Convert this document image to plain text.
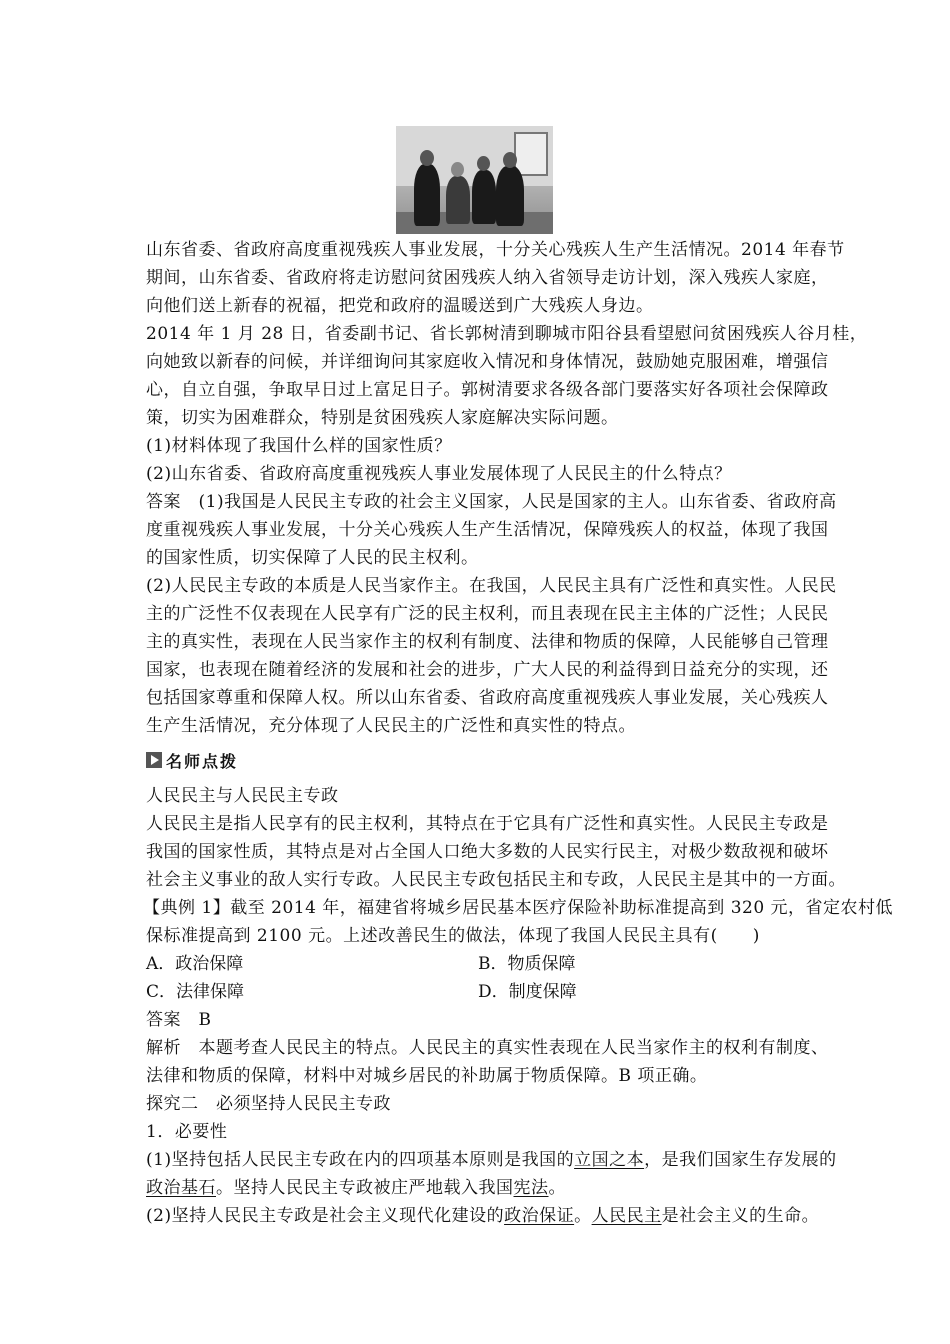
山东省委、省政府高度重视残疾人事业发展，十分关心残疾人生产生活情况。2014 年春节
期间，山东省委、省政府将走访慰问贫困残疾人纳入省领导走访计划，深入残疾人家庭，
向他们送上新春的祝福，把党和政府的温暖送到广大残疾人身边。
2014 年 1 月 28 日，省委副书记、省长郭树清到聊城市阳谷县看望慰问贫困残疾人谷月桂，
向她致以新春的问候，并详细询问其家庭收入情况和身体情况，鼓励她克服困难，增强信
心，自立自强，争取早日过上富足日子。郭树清要求各级各部门要落实好各项社会保障政
策，切实为困难群众，特别是贫困残疾人家庭解决实际问题。
(1)材料体现了我国什么样的国家性质？
(2)山东省委、省政府高度重视残疾人事业发展体现了人民民主的什么特点？
答案　(1)我国是人民民主专政的社会主义国家，人民是国家的主人。山东省委、省政府高
度重视残疾人事业发展，十分关心残疾人生产生活情况，保障残疾人的权益，体现了我国
的国家性质，切实保障了人民的民主权利。
(2)人民民主专政的本质是人民当家作主。在我国，人民民主具有广泛性和真实性。人民民
主的广泛性不仅表现在人民享有广泛的民主权利，而且表现在民主主体的广泛性；人民民
主的真实性，表现在人民当家作主的权利有制度、法律和物质的保障，人民能够自己管理
国家，也表现在随着经济的发展和社会的进步，广大人民的利益得到日益充分的实现，还
包括国家尊重和保障人权。所以山东省委、省政府高度重视残疾人事业发展，关心残疾人
生产生活情况，充分体现了人民民主的广泛性和真实性的特点。
名师点拨
人民民主与人民民主专政
人民民主是指人民享有的民主权利，其特点在于它具有广泛性和真实性。人民民主专政是
我国的国家性质，其特点是对占全国人口绝大多数的人民实行民主，对极少数敌视和破坏
社会主义事业的敌人实行专政。人民民主专政包括民主和专政，人民民主是其中的一方面。
【典例 1】截至 2014 年，福建省将城乡居民基本医疗保险补助标准提高到 320 元，省定农村低
保标准提高到 2100 元。上述改善民生的做法，体现了我国人民民主具有(　　)
A．政治保障	B．物质保障
C．法律保障	D．制度保障
答案　B
解析　本题考查人民民主的特点。人民民主的真实性表现在人民当家作主的权利有制度、
法律和物质的保障，材料中对城乡居民的补助属于物质保障。B 项正确。
探究二　必须坚持人民民主专政
1．必要性
(1)坚持包括人民民主专政在内的四项基本原则是我国的立国之本，是我们国家生存发展的
政治基石。坚持人民民主专政被庄严地载入我国宪法。
(2)坚持人民民主专政是社会主义现代化建设的政治保证。人民民主是社会主义的生命。
